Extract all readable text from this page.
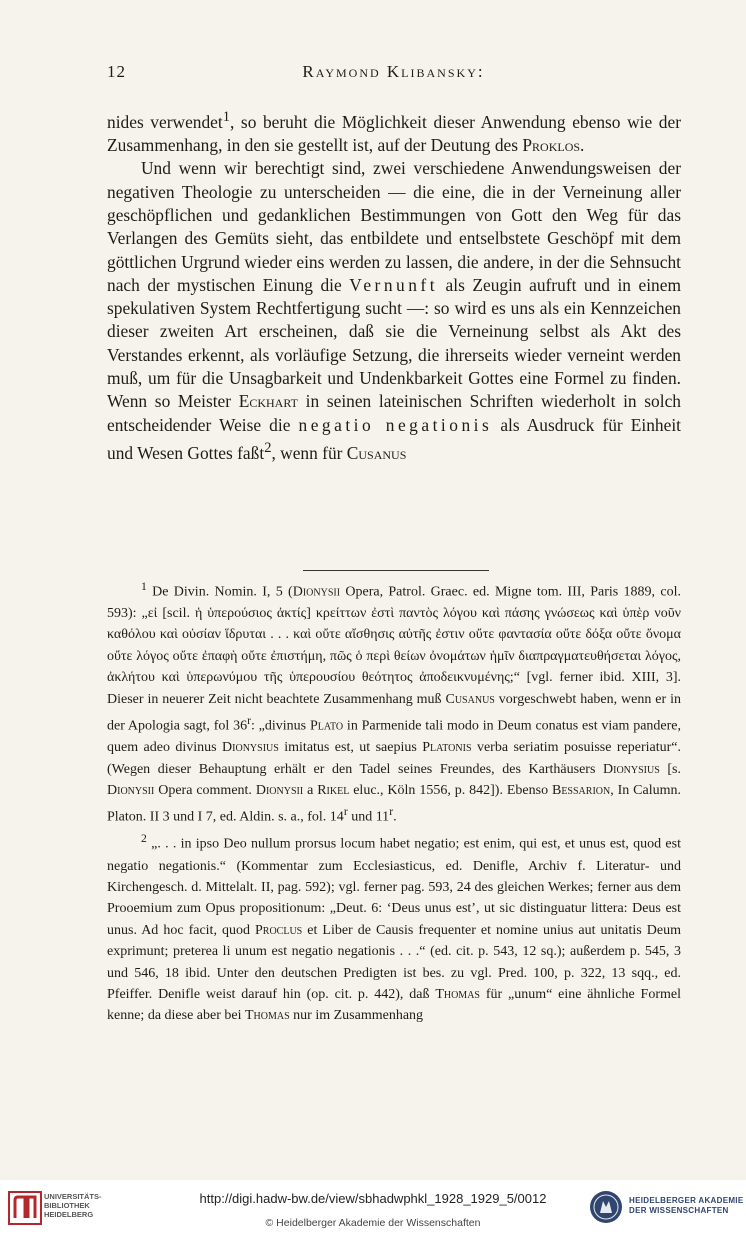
12	Raymond Klibansky:

nides verwendet$^1$, so beruht die Möglichkeit dieser Anwendung ebenso wie der Zusammenhang, in den sie gestellt ist, auf der Deutung des Proklos.

Und wenn wir berechtigt sind, zwei verschiedene Anwendungsweisen der negativen Theologie zu unterscheiden — die eine, die in der Verneinung aller geschöpflichen und gedanklichen Bestimmungen von Gott den Weg für das Verlangen des Gemüts sieht, das entbildete und entselbstete Geschöpf mit dem göttlichen Urgrund wieder eins werden zu lassen, die andere, in der die Sehnsucht nach der mystischen Einung die Vernunft als Zeugin aufruft und in einem spekulativen System Rechtfertigung sucht —: so wird es uns als ein Kennzeichen dieser zweiten Art erscheinen, daß sie die Verneinung selbst als Akt des Verstandes erkennt, als vorläufige Setzung, die ihrerseits wieder verneint werden muß, um für die Unsagbarkeit und Undenkbarkeit Gottes eine Formel zu finden. Wenn so Meister Eckhart in seinen lateinischen Schriften wiederholt in solch entscheidender Weise die negatio negationis als Ausdruck für Einheit und Wesen Gottes faßt$^2$, wenn für Cusanus

$^1$ De Divin. Nomin. I, 5 (Dionysii Opera, Patrol. Graec. ed. Migne tom. III, Paris 1889, col. 593): „εἰ [scil. ἡ ὑπερούσιος ἀκτίς] κρείττων ἐστὶ παντὸς λόγου καὶ πάσης γνώσεως καὶ ὑπὲρ νοῦν καθόλου καὶ οὐσίαν ἵδρυται . . . καὶ οὔτε αἴσθησις αὐτῆς ἐστιν οὔτε φαντασία οὔτε δόξα οὔτε ὄνομα οὔτε λόγος οὔτε ἐπαφὴ οὔτε ἐπιστήμη, πῶς ὁ περὶ θείων ὀνομάτων ἡμῖν διαπραγματευθήσεται λόγος, ἀκλήτου καὶ ὑπερωνύμου τῆς ὑπερουσίου θεότητος ἀποδεικνυμένης;“ [vgl. ferner ibid. XIII, 3]. Dieser in neuerer Zeit nicht beachtete Zusammenhang muß Cusanus vorgeschwebt haben, wenn er in der Apologia sagt, fol 36$^r$: „divinus Plato in Parmenide tali modo in Deum conatus est viam pandere, quem adeo divinus Dionysius imitatus est, ut saepius Platonis verba seriatim posuisse reperiatur“. (Wegen dieser Behauptung erhält er den Tadel seines Freundes, des Karthäusers Dionysius [s. Dionysii Opera comment. Dionysii a Rikel eluc., Köln 1556, p. 842]). Ebenso Bessarion, In Calumn. Platon. II 3 und I 7, ed. Aldin. s. a., fol. 14$^r$ und 11$^r$.

$^2$ „. . . in ipso Deo nullum prorsus locum habet negatio; est enim, qui est, et unus est, quod est negatio negationis.“ (Kommentar zum Ecclesiasticus, ed. Denifle, Archiv f. Literatur- und Kirchengesch. d. Mittelalt. II, pag. 592); vgl. ferner pag. 593, 24 des gleichen Werkes; ferner aus dem Prooemium zum Opus propositionum: „Deut. 6: ‘Deus unus est’, ut sic distinguatur littera: Deus est unus. Ad hoc facit, quod Proclus et Liber de Causis frequenter et nomine unius aut unitatis Deum exprimunt; preterea li unum est negatio negationis . . .“ (ed. cit. p. 543, 12 sq.); außerdem p. 545, 3 und 546, 18 ibid. Unter den deutschen Predigten ist bes. zu vgl. Pred. 100, p. 322, 13 sqq., ed. Pfeiffer. Denifle weist darauf hin (op. cit. p. 442), daß Thomas für „unum“ eine ähnliche Formel kenne; da diese aber bei Thomas nur im Zusammenhang

UNIVERSITÄTS-
BIBLIOTHEK
HEIDELBERG
http://digi.hadw-bw.de/view/sbhadwphkl_1928_1929_5/0012
© Heidelberger Akademie der Wissenschaften
HEIDELBERGER AKADEMIE
DER WISSENSCHAFTEN
